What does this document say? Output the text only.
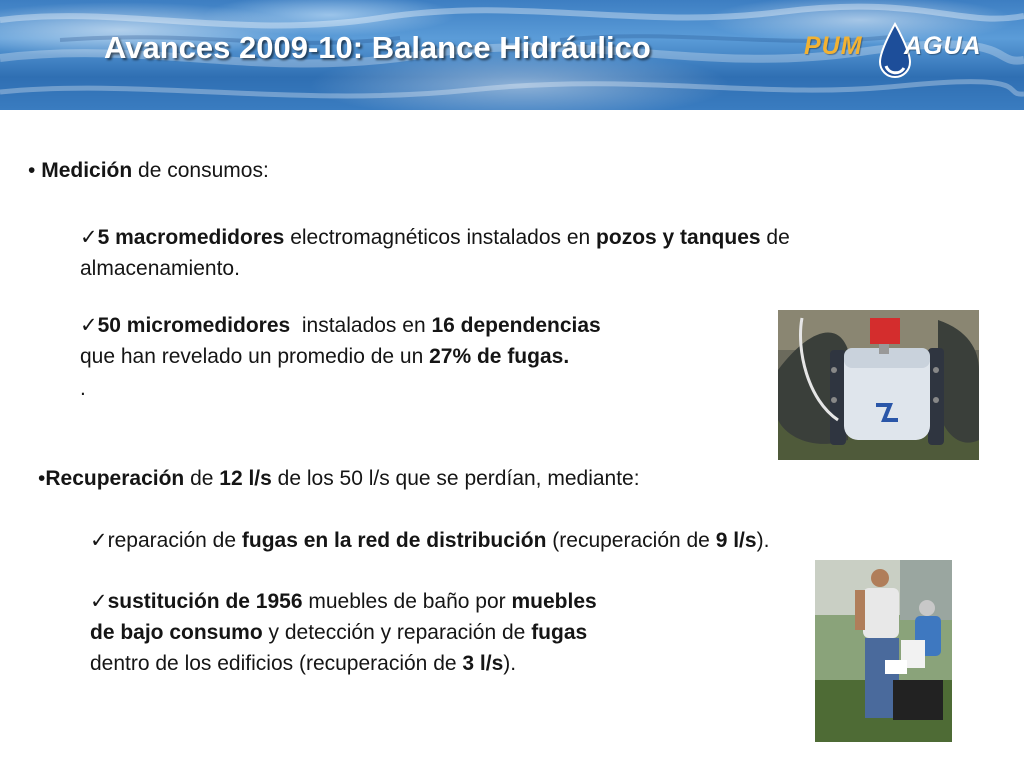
Avances 2009-10: Balance Hidráulico	PUM AGUA
• Medición de consumos:
✓5 macromedidores electromagnéticos instalados en pozos y tanques de
almacenamiento.
✓50 micromedidores  instalados en 16 dependencias
que han revelado un promedio de un 27% de fugas.
.
•Recuperación de 12 l/s de los 50 l/s que se perdían, mediante:
✓reparación de fugas en la red de distribución (recuperación de 9 l/s).
✓sustitución de 1956 muebles de baño por muebles
de bajo consumo y detección y reparación de fugas
dentro de los edificios (recuperación de 3 l/s).
